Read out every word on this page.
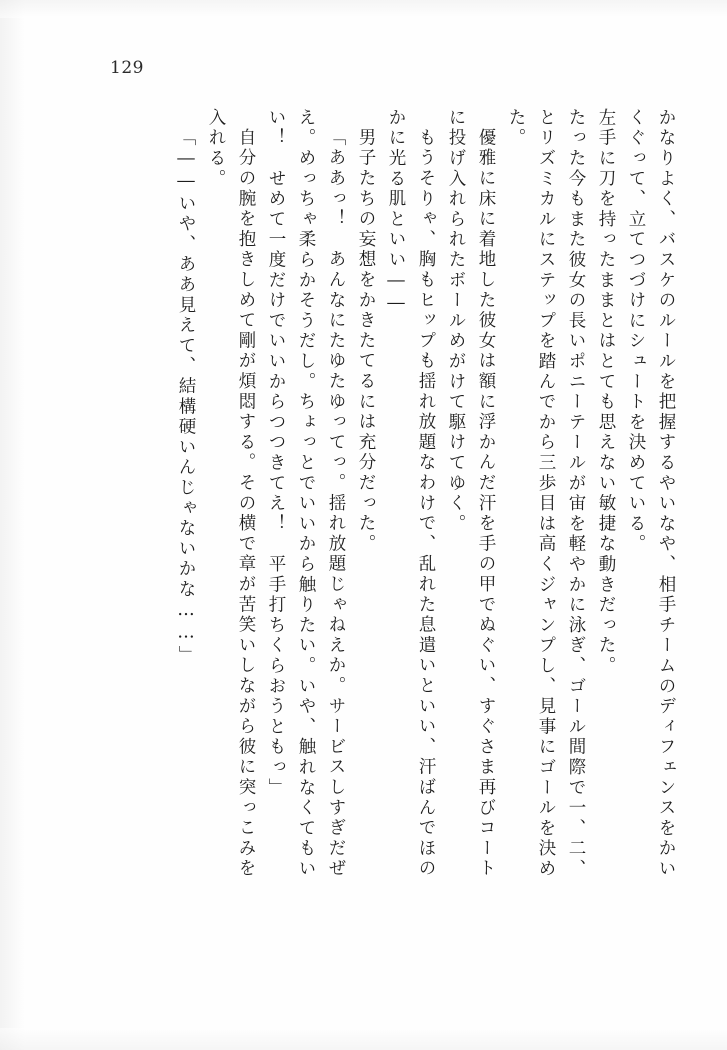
129
かなりよく、バスケのルールを把握するやいなや、相手チームのディフェンスをかい
くぐって、立てつづけにシュートを決めている。
左手に刀を持ったままとはとても思えない敏捷な動きだった。
たった今もまた彼女の長いポニーテールが宙を軽やかに泳ぎ、ゴール間際で一、二、
とリズミカルにステップを踏んでから三歩目は高くジャンプし、見事にゴールを決め
た。
優雅に床に着地した彼女は額に浮かんだ汗を手の甲でぬぐい、すぐさま再びコート
に投げ入れられたボールめがけて駆けてゆく。
もうそりゃ、胸もヒップも揺れ放題なわけで、乱れた息遣いといい、汗ばんでほの
かに光る肌といい――
男子たちの妄想をかきたてるには充分だった。
「ああっ！　あんなにたゆたゆってっ。揺れ放題じゃねえか。サービスしすぎだぜ
え。めっちゃ柔らかそうだし。ちょっとでいいから触りたい。いや、触れなくてもい
い！　せめて一度だけでいいからつつきてえ！　平手打ちくらおうともっ」
自分の腕を抱きしめて剛が煩悶する。その横で章が苦笑いしながら彼に突っこみを
入れる。
「――いや、ああ見えて、結構硬いんじゃないかな……」
